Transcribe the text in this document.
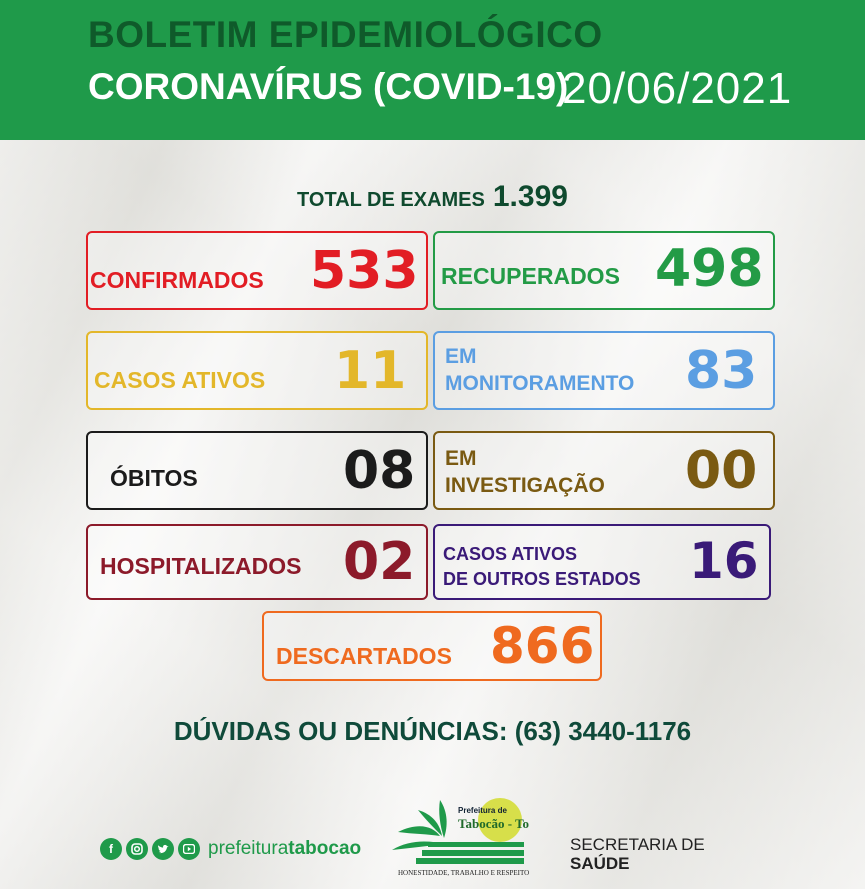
BOLETIM EPIDEMIOLÓGICO
CORONAVÍRUS (COVID-19)
20/06/2021
TOTAL DE EXAMES 1.399
CONFIRMADOS 533 RECUPERADOS 498
CASOS ATIVOS 11 EM
MONITORAMENTO 83
ÓBITOS	08 EM
INVESTIGAÇÃO 00
HOSPITALIZADOS 02 CASOS ATIVOS
DE OUTROS ESTADOS 16
DESCARTADOS 866
DÚVIDAS OU DENÚNCIAS: (63) 3440-1176
f	prefeituratabocao
Prefeitura de
Tabocão - To
HONESTIDADE, TRABALHO E RESPEITO
SECRETARIA DE
SAÚDE
